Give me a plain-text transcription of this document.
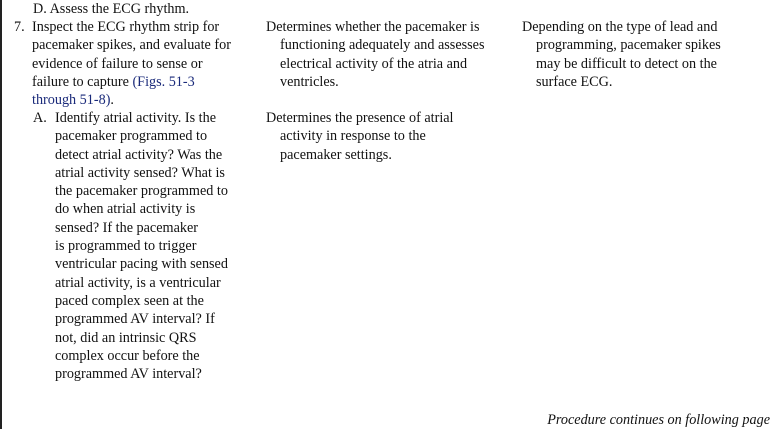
D. Assess the ECG rhythm.
7. Inspect the ECG rhythm strip for
pacemaker spikes, and evaluate for
evidence of failure to sense or
failure to capture (Figs. 51-3
through 51-8).
Determines whether the pacemaker is
functioning adequately and assesses
electrical activity of the atria and
ventricles.
Depending on the type of lead and
programming, pacemaker spikes
may be difficult to detect on the
surface ECG.
A. Identify atrial activity. Is the
pacemaker programmed to
detect atrial activity? Was the
atrial activity sensed? What is
the pacemaker programmed to
do when atrial activity is
sensed? If the pacemaker
is programmed to trigger
ventricular pacing with sensed
atrial activity, is a ventricular
paced complex seen at the
programmed AV interval? If
not, did an intrinsic QRS
complex occur before the
programmed AV interval?
Determines the presence of atrial
activity in response to the
pacemaker settings.
Procedure continues on following page
